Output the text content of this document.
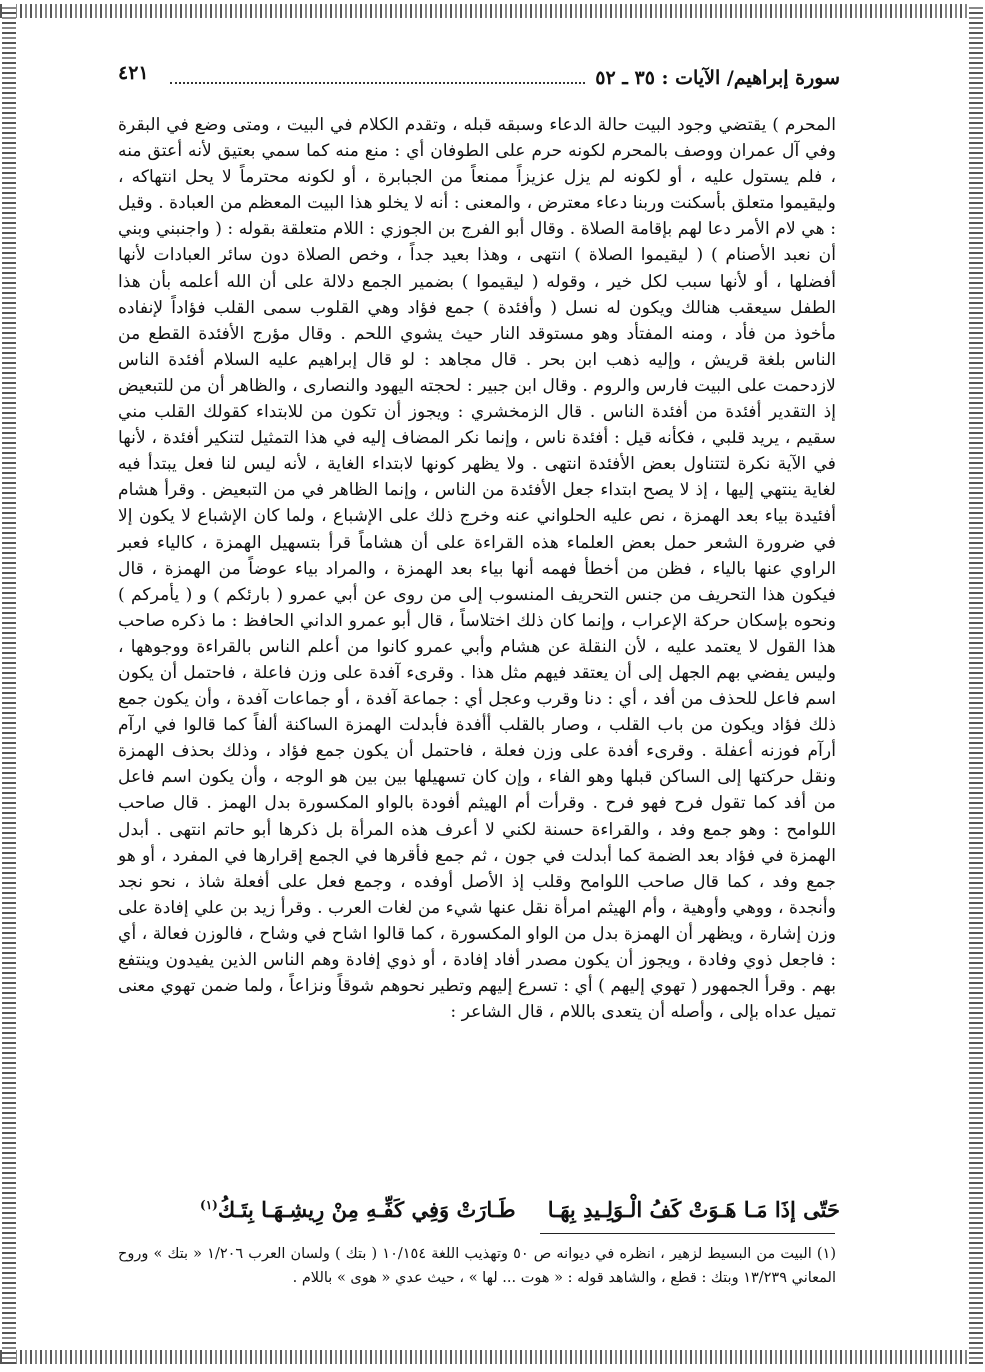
سورة إبراهيم/ الآيات : ٣٥ ـ ٥٢
٤٢١

المحرم ) يقتضي وجود البيت حالة الدعاء وسبقه قبله ، وتقدم الكلام في البيت ، ومتى وضع في البقرة وفي آل عمران ووصف بالمحرم لكونه حرم على الطوفان أي : منع منه كما سمي بعتيق لأنه أعتق منه ، فلم يستول عليه ، أو لكونه لم يزل عزيزاً ممنعاً من الجبابرة ، أو لكونه محترماً لا يحل انتهاكه ، وليقيموا متعلق بأسكنت وربنا دعاء معترض ، والمعنى : أنه لا يخلو هذا البيت المعظم من العبادة . وقيل : هي لام الأمر دعا لهم بإقامة الصلاة . وقال أبو الفرج بن الجوزي : اللام متعلقة بقوله : ( واجنبني وبني أن نعبد الأصنام ) ( ليقيموا الصلاة ) انتهى ، وهذا بعيد جداً ، وخص الصلاة دون سائر العبادات لأنها أفضلها ، أو لأنها سبب لكل خير ، وقوله ( ليقيموا ) بضمير الجمع دلالة على أن الله أعلمه بأن هذا الطفل سيعقب هنالك ويكون له نسل ( وأفئدة ) جمع فؤاد وهي القلوب سمى القلب فؤاداً لإنفاده مأخوذ من فأد ، ومنه المفتأد وهو مستوقد النار حيث يشوي اللحم . وقال مؤرج الأفئدة القطع من الناس بلغة قريش ، وإليه ذهب ابن بحر . قال مجاهد : لو قال إبراهيم عليه السلام أفئدة الناس لازدحمت على البيت فارس والروم . وقال ابن جبير : لحجته اليهود والنصارى ، والظاهر أن من للتبعيض إذ التقدير أفئدة من أفئدة الناس . قال الزمخشري : ويجوز أن تكون من للابتداء كقولك القلب مني سقيم ، يريد قلبي ، فكأنه قيل : أفئدة ناس ، وإنما نكر المضاف إليه في هذا التمثيل لتنكير أفئدة ، لأنها في الآية نكرة لتتناول بعض الأفئدة انتهى . ولا يظهر كونها لابتداء الغاية ، لأنه ليس لنا فعل يبتدأ فيه لغاية ينتهي إليها ، إذ لا يصح ابتداء جعل الأفئدة من الناس ، وإنما الظاهر في من التبعيض . وقرأ هشام أفئيدة بياء بعد الهمزة ، نص عليه الحلواني عنه وخرج ذلك على الإشباع ، ولما كان الإشباع لا يكون إلا في ضرورة الشعر حمل بعض العلماء هذه القراءة على أن هشاماً قرأ بتسهيل الهمزة ، كالياء فعبر الراوي عنها بالياء ، فظن من أخطأ فهمه أنها بياء بعد الهمزة ، والمراد بياء عوضاً من الهمزة ، قال فيكون هذا التحريف من جنس التحريف المنسوب إلى من روى عن أبي عمرو ( بارئكم ) و ( يأمركم ) ونحوه بإسكان حركة الإعراب ، وإنما كان ذلك اختلاساً ، قال أبو عمرو الداني الحافظ : ما ذكره صاحب هذا القول لا يعتمد عليه ، لأن النقلة عن هشام وأبي عمرو كانوا من أعلم الناس بالقراءة ووجوهها ، وليس يفضي بهم الجهل إلى أن يعتقد فيهم مثل هذا . وقرىء آفدة على وزن فاعلة ، فاحتمل أن يكون اسم فاعل للحذف من أفد ، أي : دنا وقرب وعجل أي : جماعة آفدة ، أو جماعات آفدة ، وأن يكون جمع ذلك فؤاد ويكون من باب القلب ، وصار بالقلب أأفدة فأبدلت الهمزة الساكنة ألفاً كما قالوا في ارآم أرآم فوزنه أعفلة . وقرىء أفدة على وزن فعلة ، فاحتمل أن يكون جمع فؤاد ، وذلك بحذف الهمزة ونقل حركتها إلى الساكن قبلها وهو الفاء ، وإن كان تسهيلها بين بين هو الوجه ، وأن يكون اسم فاعل من أفد كما تقول فرح فهو فرح . وقرأت أم الهيثم أفودة بالواو المكسورة بدل الهمز . قال صاحب اللوامح : وهو جمع وفد ، والقراءة حسنة لكني لا أعرف هذه المرأة بل ذكرها أبو حاتم انتهى . أبدل الهمزة في فؤاد بعد الضمة كما أبدلت في جون ، ثم جمع فأقرها في الجمع إقرارها في المفرد ، أو هو جمع وفد ، كما قال صاحب اللوامح وقلب إذ الأصل أوفده ، وجمع فعل على أفعلة شاذ ، نحو نجد وأنجدة ، ووهي وأوهية ، وأم الهيثم امرأة نقل عنها شيء من لغات العرب . وقرأ زيد بن علي إفادة على وزن إشارة ، ويظهر أن الهمزة بدل من الواو المكسورة ، كما قالوا اشاح في وشاح ، فالوزن فعالة ، أي : فاجعل ذوي وفادة ، ويجوز أن يكون مصدر أفاد إفادة ، أو ذوي إفادة وهم الناس الذين يفيدون وينتفع بهم . وقرأ الجمهور ( تهوي إليهم ) أي : تسرع إليهم وتطير نحوهم شوقاً ونزاعاً ، ولما ضمن تهوي معنى تميل عداه بإلى ، وأصله أن يتعدى باللام ، قال الشاعر :

حَتّى إذَا مَـا هَـوَتْ كَفُ الْـوَلِـيدِ بِهَـا
طَـارَتْ وَفِي كَفِّـهِ مِنْ رِيشِـهَـا بِتَـكُ$^{(١)}$

(١) البيت من البسيط لزهير ، انظره في ديوانه ص ٥٠ وتهذيب اللغة ١٠/١٥٤ ( بتك ) ولسان العرب ١/٢٠٦ « بتك » وروح المعاني ١٣/٢٣٩ وبتك : قطع ، والشاهد قوله : « هوت ... لها » ، حيث عدي « هوى » باللام .
